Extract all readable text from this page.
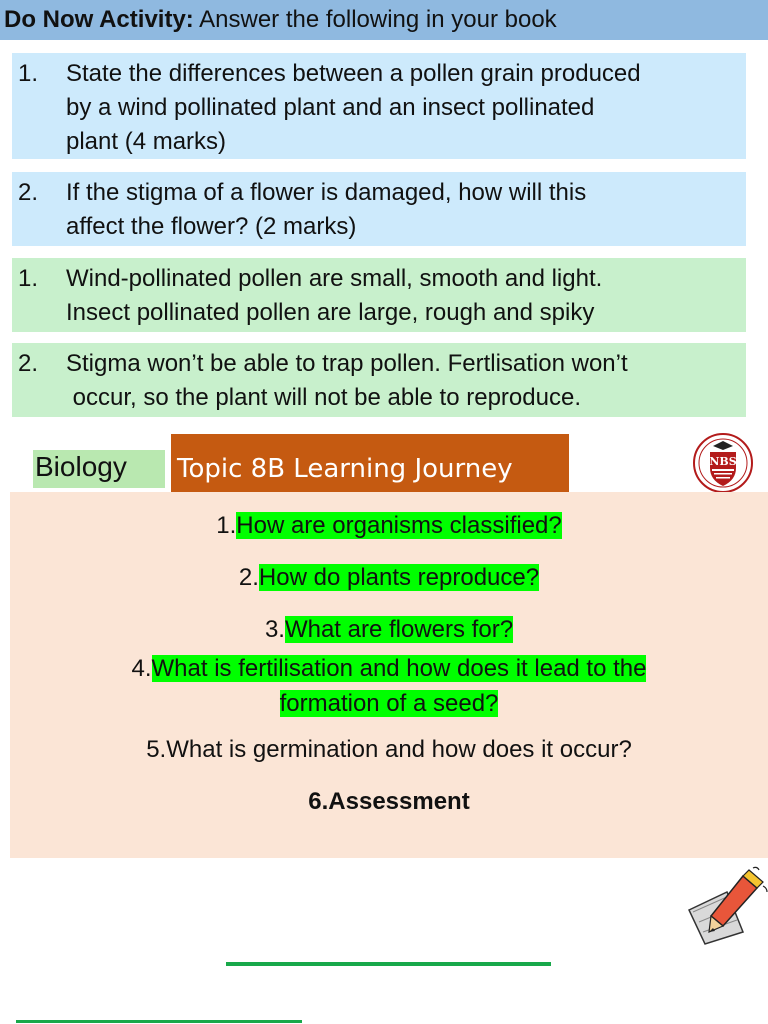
Do Now Activity: Answer the following in your book
1.	State the differences between a pollen grain produced
by a wind pollinated plant and an insect pollinated
plant (4 marks)
2.	If the stigma of a flower is damaged, how will this
affect the flower? (2 marks)
1.	Wind-pollinated pollen are small, smooth and light.
Insect pollinated pollen are large, rough and spiky
2.	Stigma won’t be able to trap pollen. Fertlisation won’t
occur, so the plant will not be able to reproduce.
Biology	Topic 8B Learning Journey	NBS
1.How are organisms classified?
2.How do plants reproduce?
3.What are flowers for?
4.What is fertilisation and how does it lead to the
formation of a seed?
5.What is germination and how does it occur?
6.Assessment
